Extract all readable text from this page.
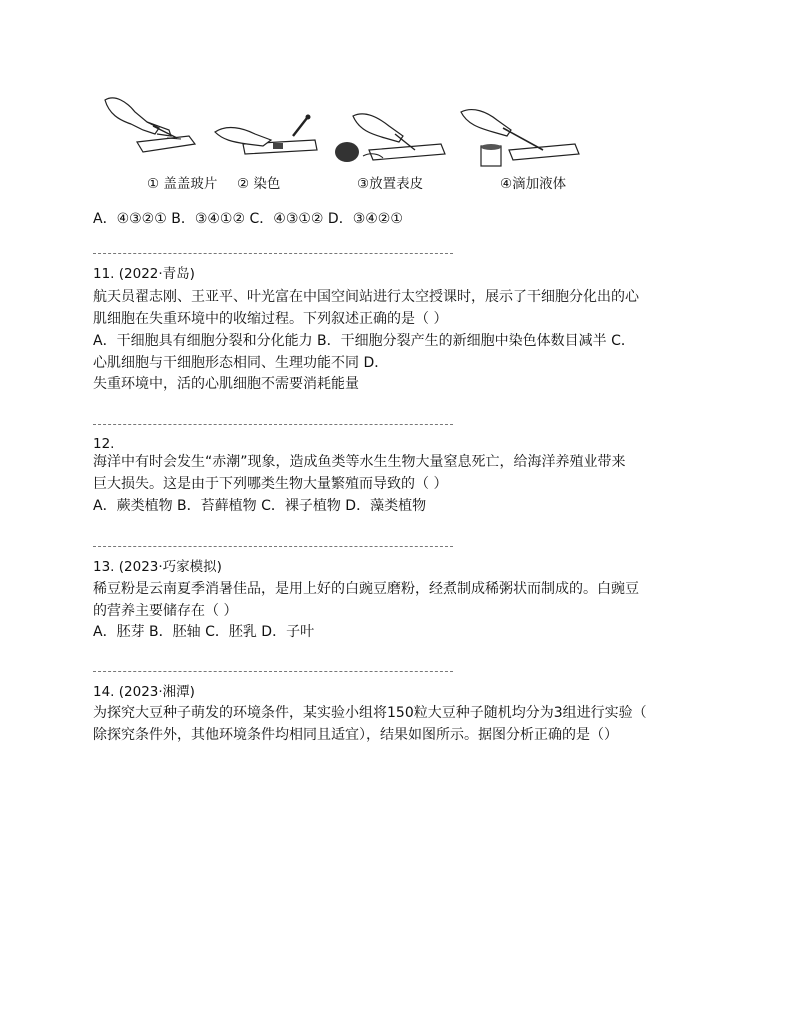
① 盖盖玻片 ② 染色	③放置表皮	④滴加液体
A．④③②① B．③④①② C．④③①② D．③④②①
11. (2022·青岛)
航天员翟志刚、王亚平、叶光富在中国空间站进行太空授课时，展示了干细胞分化出的心
肌细胞在失重环境中的收缩过程。下列叙述正确的是（ ）
A．干细胞具有细胞分裂和分化能力 B．干细胞分裂产生的新细胞中染色体数目减半 C．
心肌细胞与干细胞形态相同、生理功能不同 D．
失重环境中，活的心肌细胞不需要消耗能量
12.
海洋中有时会发生“赤潮”现象，造成鱼类等水生生物大量窒息死亡，给海洋养殖业带来
巨大损失。这是由于下列哪类生物大量繁殖而导致的（ ）
A．蕨类植物 B．苔藓植物 C．裸子植物 D．藻类植物
13. (2023·巧家模拟)
稀豆粉是云南夏季消暑佳品，是用上好的白豌豆磨粉，经煮制成稀粥状而制成的。白豌豆
的营养主要储存在（ ）
A．胚芽 B．胚轴 C．胚乳 D．子叶
14. (2023·湘潭)
为探究大豆种子萌发的环境条件，某实验小组将150粒大豆种子随机均分为3组进行实验（
除探究条件外，其他环境条件均相同且适宜），结果如图所示。据图分析正确的是（）
